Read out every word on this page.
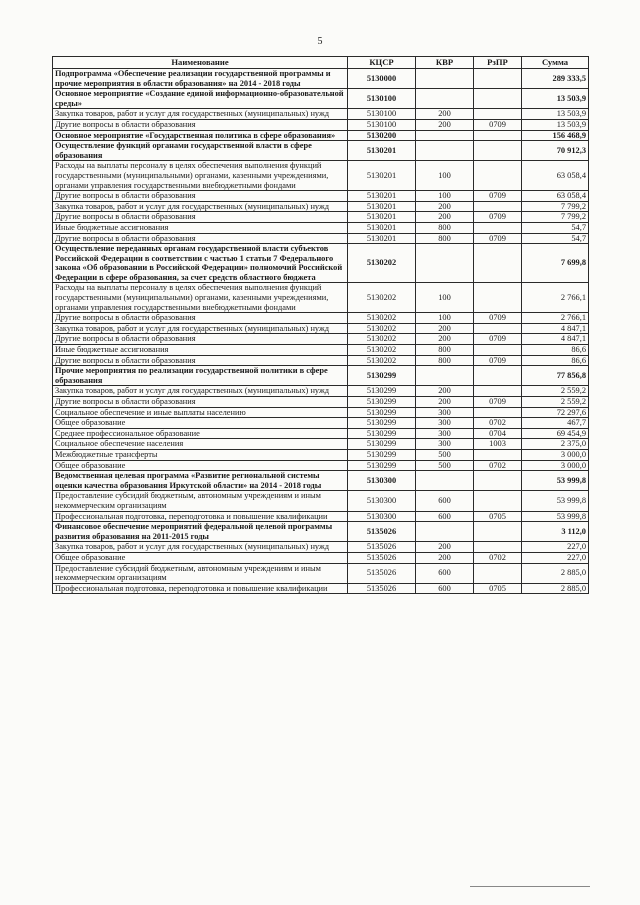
5
Наименование	КЦСР	КВР	РзПР	Сумма
Подпрограмма «Обеспечение реализации государственной программы и прочие мероприятия в области образования» на 2014 - 2018 годы	5130000			289 333,5
Основное мероприятие «Создание единой информационно-образовательной среды»	5130100			13 503,9
Закупка товаров, работ и услуг для государственных (муниципальных) нужд	5130100	200		13 503,9
Другие вопросы в области образования	5130100	200	0709	13 503,9
Основное мероприятие «Государственная политика в сфере образования»	5130200			156 468,9
Осуществление функций органами государственной власти в сфере образования	5130201			70 912,3
Расходы на выплаты персоналу в целях обеспечения выполнения функций государственными (муниципальными) органами, казенными учреждениями, органами управления государственными внебюджетными фондами	5130201	100		63 058,4
Другие вопросы в области образования	5130201	100	0709	63 058,4
Закупка товаров, работ и услуг для государственных (муниципальных) нужд	5130201	200		7 799,2
Другие вопросы в области образования	5130201	200	0709	7 799,2
Иные бюджетные ассигнования	5130201	800		54,7
Другие вопросы в области образования	5130201	800	0709	54,7
Осуществление переданных органам государственной власти субъектов Российской Федерации в соответствии с частью 1 статьи 7 Федерального закона «Об образовании в Российской Федерации» полномочий Российской Федерации в сфере образования, за счет средств областного бюджета	5130202			7 699,8
Расходы на выплаты персоналу в целях обеспечения выполнения функций государственными (муниципальными) органами, казенными учреждениями, органами управления государственными внебюджетными фондами	5130202	100		2 766,1
Другие вопросы в области образования	5130202	100	0709	2 766,1
Закупка товаров, работ и услуг для государственных (муниципальных) нужд	5130202	200		4 847,1
Другие вопросы в области образования	5130202	200	0709	4 847,1
Иные бюджетные ассигнования	5130202	800		86,6
Другие вопросы в области образования	5130202	800	0709	86,6
Прочие мероприятия по реализации государственной политики в сфере образования	5130299			77 856,8
Закупка товаров, работ и услуг для государственных (муниципальных) нужд	5130299	200		2 559,2
Другие вопросы в области образования	5130299	200	0709	2 559,2
Социальное обеспечение и иные выплаты населению	5130299	300		72 297,6
Общее образование	5130299	300	0702	467,7
Среднее профессиональное образование	5130299	300	0704	69 454,9
Социальное обеспечение населения	5130299	300	1003	2 375,0
Межбюджетные трансферты	5130299	500		3 000,0
Общее образование	5130299	500	0702	3 000,0
Ведомственная целевая программа «Развитие региональной системы оценки качества образования Иркутской области» на 2014 - 2018 годы	5130300			53 999,8
Предоставление субсидий бюджетным, автономным учреждениям и иным некоммерческим организациям	5130300	600		53 999,8
Профессиональная подготовка, переподготовка и повышение квалификации	5130300	600	0705	53 999,8
Финансовое обеспечение мероприятий федеральной целевой программы развития образования на 2011-2015 годы	5135026			3 112,0
Закупка товаров, работ и услуг для государственных (муниципальных) нужд	5135026	200		227,0
Общее образование	5135026	200	0702	227,0
Предоставление субсидий бюджетным, автономным учреждениям и иным некоммерческим организациям	5135026	600		2 885,0
Профессиональная подготовка, переподготовка и повышение квалификации	5135026	600	0705	2 885,0
